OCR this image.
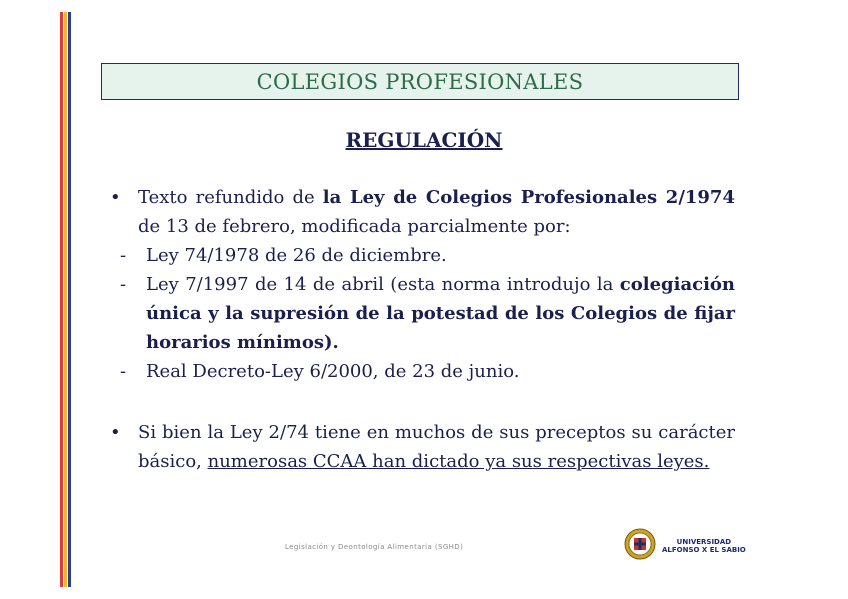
COLEGIOS PROFESIONALES
REGULACIÓN
• Texto refundido de la Ley de Colegios Profesionales 2/1974 de 13 de febrero, modificada parcialmente por:
- Ley 74/1978 de 26 de diciembre.
- Ley 7/1997 de 14 de abril (esta norma introdujo la colegiación única y la supresión de la potestad de los Colegios de fijar horarios mínimos).
- Real Decreto-Ley 6/2000, de 23 de junio.
• Si bien la Ley 2/74 tiene en muchos de sus preceptos su carácter básico, numerosas CCAA han dictado ya sus respectivas leyes.
Legislación y Deontología Alimentaria (SGHD)
UNIVERSIDAD
ALFONSO X EL SABIO
